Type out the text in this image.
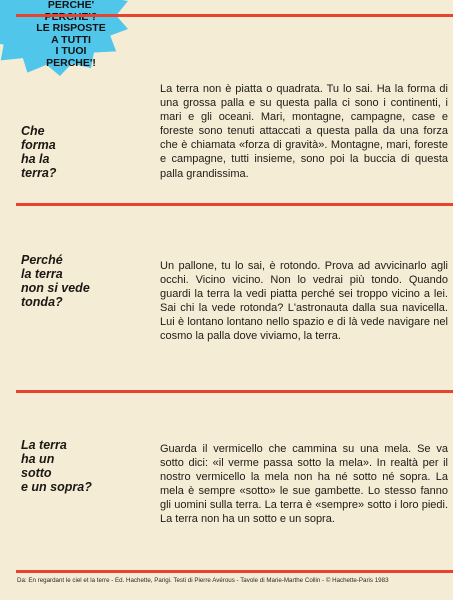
PERCHE'
LE RISPOSTE
A TUTTI
I TUOI
PERCHE'!
Che
forma
ha la
terra?
La terra non è piatta o quadrata. Tu lo sai. Ha la forma di una grossa palla e su questa palla ci sono i continenti, i mari e gli oceani. Mari, montagne, campagne, case e foreste sono tenuti attaccati a questa palla da una forza che è chiamata «forza di gravità». Montagne, mari, foreste e campagne, tutti insieme, sono poi la buccia di questa palla grandissima.
Perché
la terra
non si vede
tonda?
Un pallone, tu lo sai, è rotondo. Prova ad avvicinarlo agli occhi. Vicino vicino. Non lo vedrai più tondo. Quando guardi la terra la vedi piatta perché sei troppo vicino a lei. Sai chi la vede rotonda? L'astronauta dalla sua navicella. Lui è lontano lontano nello spazio e di là vede navigare nel cosmo la palla dove viviamo, la terra.
La terra
ha un
sotto
e un sopra?
Guarda il vermicello che cammina su una mela. Se va sotto dici: «il verme passa sotto la mela». In realtà per il nostro vermicello la mela non ha né sotto né sopra. La mela è sempre «sotto» le sue gambette. Lo stesso fanno gli uomini sulla terra. La terra è «sempre» sotto i loro piedi. La terra non ha un sotto e un sopra.
Da: En regardant le ciel et la terre - Ed. Hachette, Parigi. Testi di Pierre Avérous - Tavole di Marie-Marthe Collin - © Hachette-Paris 1983
